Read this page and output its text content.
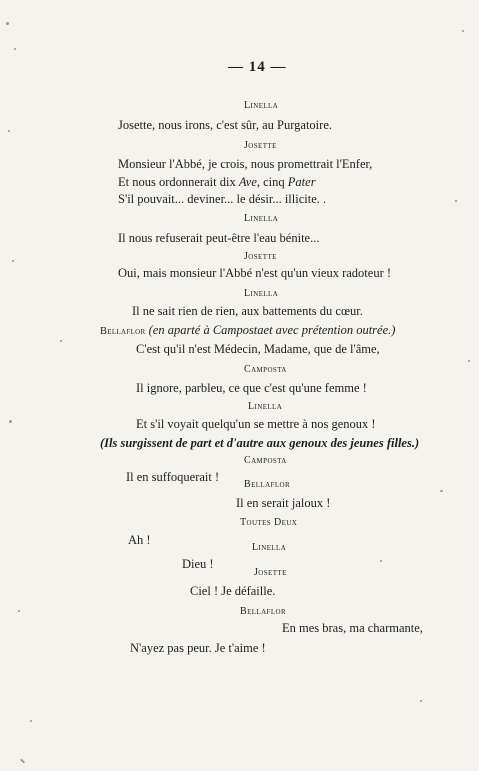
— 14 —
Linella
Josette, nous irons, c'est sûr, au Purgatoire.
Josette
Monsieur l'Abbé, je crois, nous promettrait l'Enfer,
Et nous ordonnerait dix Ave, cinq Pater
S'il pouvait... deviner... le désir... illicite. .
Linella
Il nous refuserait peut-être l'eau bénite...
Josette
Oui, mais monsieur l'Abbé n'est qu'un vieux radoteur !
Linella
Il ne sait rien de rien, aux battements du cœur.
Bellaflor (en aparté à Campostaet avec prétention outrée.)
C'est qu'il n'est Médecin, Madame, que de l'âme,
Camposta
Il ignore, parbleu, ce que c'est qu'une femme !
Linella
Et s'il voyait quelqu'un se mettre à nos genoux !
(Ils surgissent de part et d'autre aux genoux des jeunes filles.)
Camposta
Il en suffoquerait !
Bellaflor
Il en serait jaloux !
Toutes Deux
Ah !
Linella
Dieu !
Josette
Ciel ! Je défaille.
Bellaflor
En mes bras, ma charmante,
N'ayez pas peur. Je t'aime !
